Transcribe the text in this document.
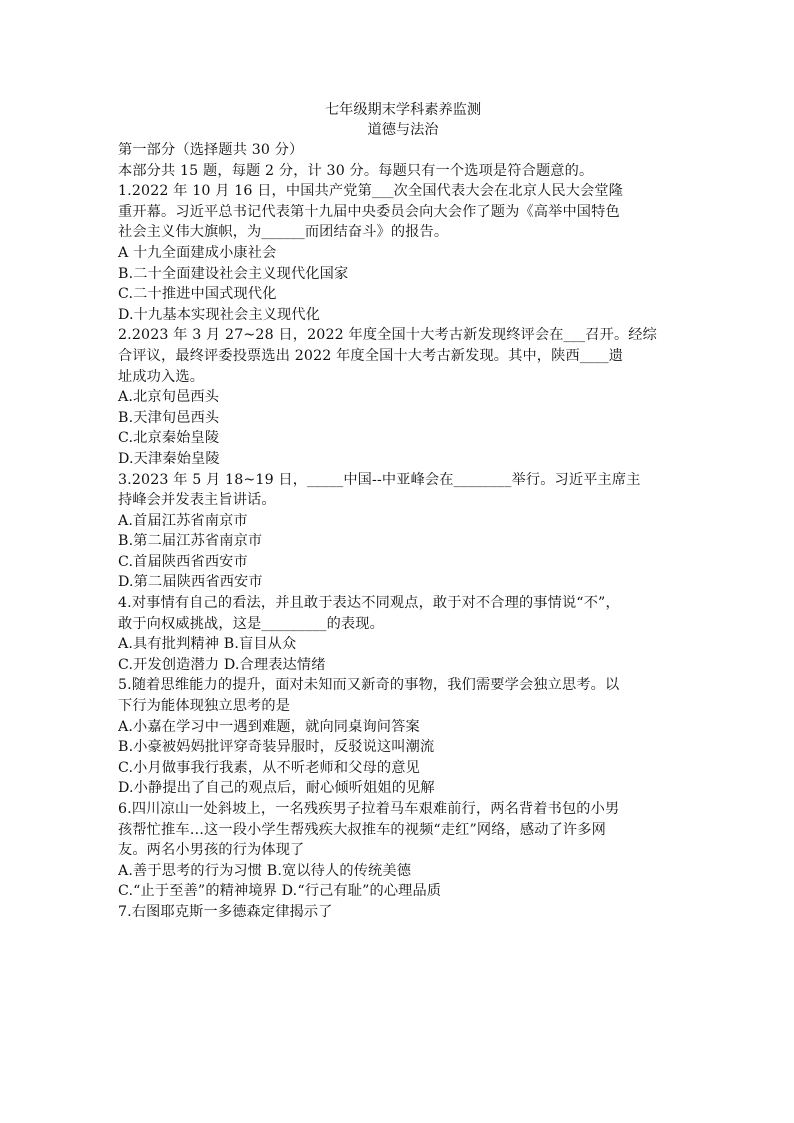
七年级期末学科素养监测
道德与法治
第一部分（选择题共 30 分）
本部分共 15 题，每题 2 分，计 30 分。每题只有一个选项是符合题意的。
1.2022 年 10 月 16 日，中国共产党第___次全国代表大会在北京人民大会堂隆
重开幕。习近平总书记代表第十九届中央委员会向大会作了题为《高举中国特色
社会主义伟大旗帜，为______而团结奋斗》的报告。
A 十九全面建成小康社会
B.二十全面建设社会主义现代化国家
C.二十推进中国式现代化
D.十九基本实现社会主义现代化
2.2023 年 3 月 27~28 日，2022 年度全国十大考古新发现终评会在___召开。经综
合评议，最终评委投票选出 2022 年度全国十大考古新发现。其中，陕西____遗
址成功入选。
A.北京旬邑西头
B.天津旬邑西头
C.北京秦始皇陵
D.天津秦始皇陵
3.2023 年 5 月 18~19 日，_____中国--中亚峰会在________举行。习近平主席主
持峰会并发表主旨讲话。
A.首届江苏省南京市
B.第二届江苏省南京市
C.首届陕西省西安市
D.第二届陕西省西安市
4.对事情有自己的看法，并且敢于表达不同观点，敢于对不合理的事情说“不”，
敢于向权威挑战，这是_________的表现。
A.具有批判精神 B.盲目从众
C.开发创造潜力 D.合理表达情绪
5.随着思维能力的提升，面对未知而又新奇的事物，我们需要学会独立思考。以
下行为能体现独立思考的是
A.小嘉在学习中一遇到难题，就向同桌询问答案
B.小豪被妈妈批评穿奇装异服时，反驳说这叫潮流
C.小月做事我行我素，从不听老师和父母的意见
D.小静提出了自己的观点后，耐心倾听姐姐的见解
6.四川凉山一处斜坡上，一名残疾男子拉着马车艰难前行，两名背着书包的小男
孩帮忙推车…这一段小学生帮残疾大叔推车的视频“走红”网络，感动了许多网
友。两名小男孩的行为体现了
A.善于思考的行为习惯 B.宽以待人的传统美德
C.“止于至善”的精神境界 D.“行己有耻”的心理品质
7.右图耶克斯一多德森定律揭示了
